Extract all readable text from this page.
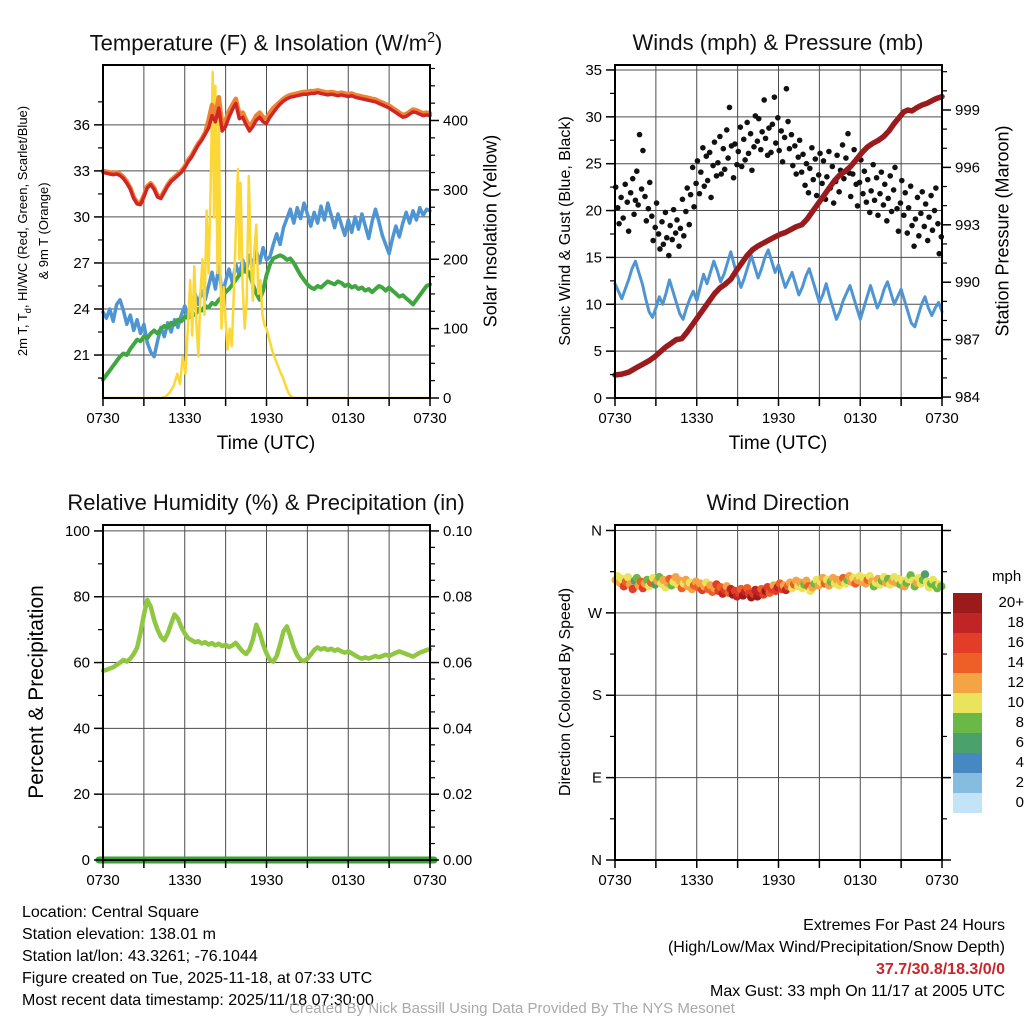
0730	1330	1930	0130	0730
21
24
27
30
33
36
0
100
200
300
400
0730	1330	1930	0130	0730
0
5
10
15
20
25
30
35
984
987
990
993
996
999
0730	1330	1930	0130	0730
0
20
40
60
80
100
0.00
0.02
0.04
0.06
0.08
0.10
0730	1330	1930	0130	0730
N
E
S
W
N
Temperature (F) & Insolation $(W/m^2)$	Winds (mph) & Pressure (mb)
Relative Humidity (%) & Precipitation (in)	Wind Direction
2m T, $T_d$, HI/WC (Red, Green, Scarlet/Blue) & 9m T (Orange)	Solar Insolation (Yellow)	Sonic Wind & Gust (Blue, Black)	Station Pressure (Maroon)
Percent & Precipitation	Direction (Colored By Speed)
Time (UTC)	Time (UTC)
mph
20+
18
16
14
12
10
8
6
4
2
0
Location: Central Square
Station elevation: 138.01 m
Station lat/lon: 43.3261; -76.1044
Figure created on Tue, 2025-11-18, at 07:33 UTC
Most recent data timestamp: 2025/11/18 07:30:00
Extremes For Past 24 Hours
(High/Low/Max Wind/Precipitation/Snow Depth)
37.7/30.8/18.3/0/0
Max Gust: 33 mph On 11/17 at 2005 UTC
Created By Nick Bassill Using Data Provided By The NYS Mesonet
